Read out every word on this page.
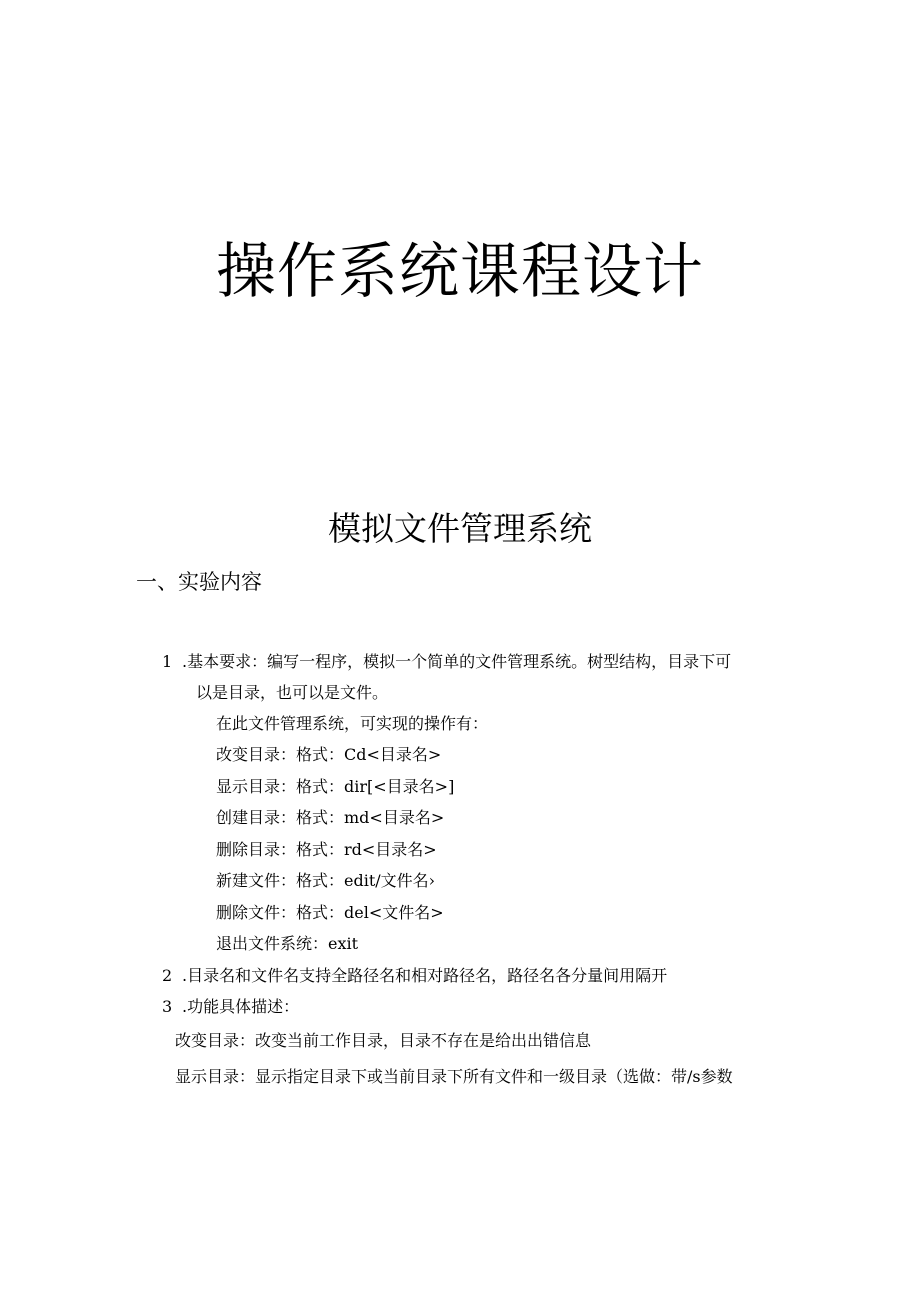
操作系统课程设计
模拟文件管理系统
一、实验内容
1 .基本要求：编写一程序，模拟一个简单的文件管理系统。树型结构，目录下可
以是目录，也可以是文件。
在此文件管理系统，可实现的操作有：
改变目录：格式：Cd<目录名>
显示目录：格式：dir[<目录名>]
创建目录：格式：md<目录名>
删除目录：格式：rd<目录名>
新建文件：格式：edit/文件名›
删除文件：格式：del<文件名>
退出文件系统：exit
2 .目录名和文件名支持全路径名和相对路径名，路径名各分量间用隔开
3 .功能具体描述：
改变目录：改变当前工作目录，目录不存在是给出出错信息
显示目录：显示指定目录下或当前目录下所有文件和一级目录（选做：带/s参数
